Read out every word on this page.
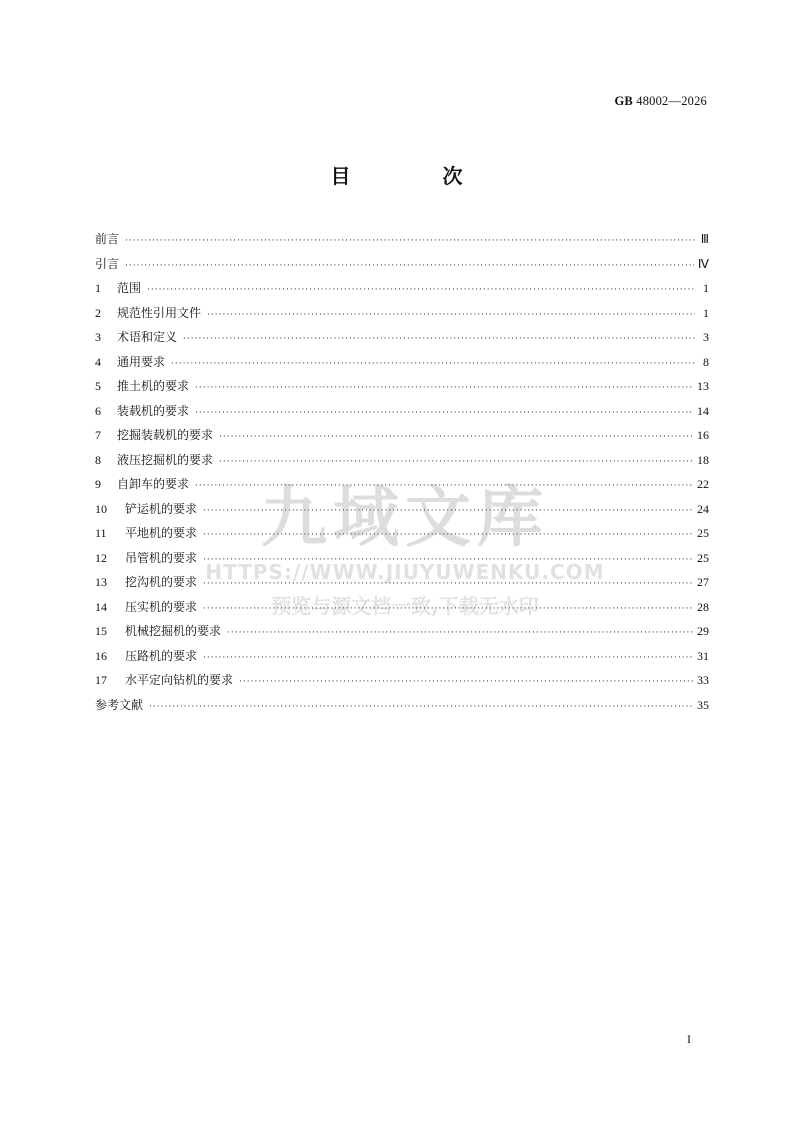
GB 48002—2026
目　次
前言 ·····	Ⅲ
引言 ·····	Ⅳ
1	范围 ·····	1
2	规范性引用文件 ·····	1
3	术语和定义 ·····	3
4	通用要求 ·····	8
5	推土机的要求 ·····	13
6	装载机的要求 ·····	14
7	挖掘装载机的要求 ·····	16
8	液压挖掘机的要求 ·····	18
9	自卸车的要求 ·····	22
10	铲运机的要求 ·····	24
11	平地机的要求 ·····	25
12	吊管机的要求 ·····	25
13	挖沟机的要求 ·····	27
14	压实机的要求 ·····	28
15	机械挖掘机的要求 ·····	29
16	压路机的要求 ·····	31
17	水平定向钻机的要求 ·····	33
参考文献 ·····	35
九域文库
HTTPS://WWW.JIUYUWENKU.COM
预览与源文档一致,下载无水印
I
